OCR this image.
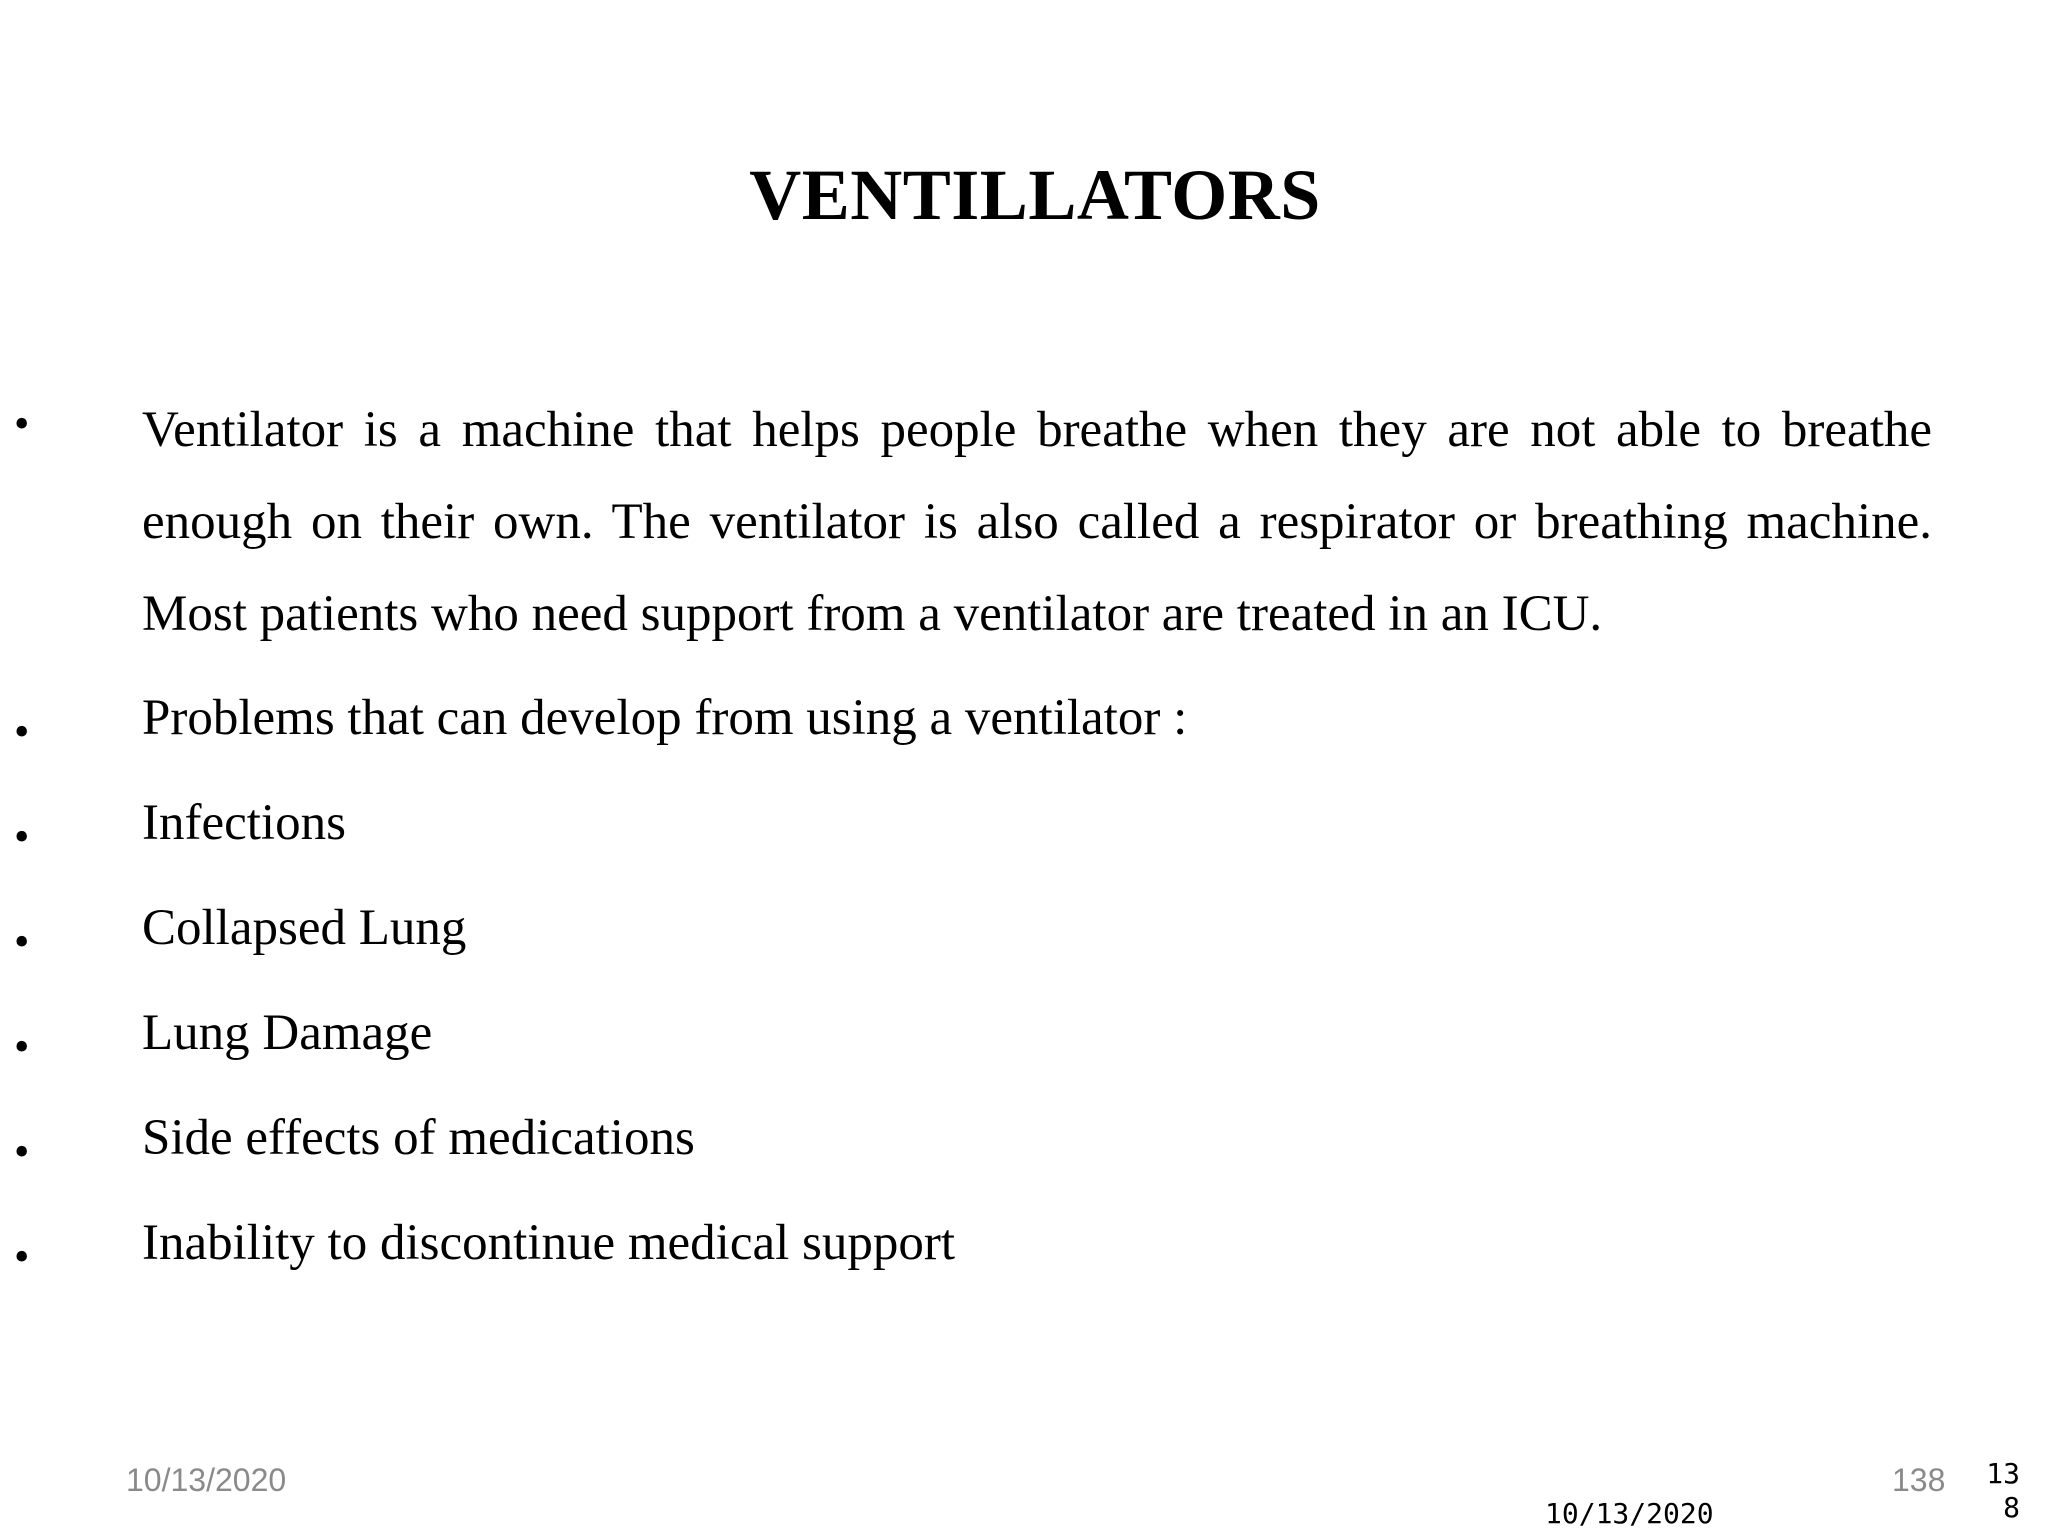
VENTILLATORS
• Ventilator is a machine that helps people breathe when they are not able to breathe enough on their own. The ventilator is also called a respirator or breathing machine. Most patients who need support from a ventilator are treated in an ICU.
• Problems that can develop from using a ventilator :
• Infections
• Collapsed Lung
• Lung Damage
• Side effects of medications
• Inability to discontinue medical support
10/13/2020	138
10/13/2020
13
8
